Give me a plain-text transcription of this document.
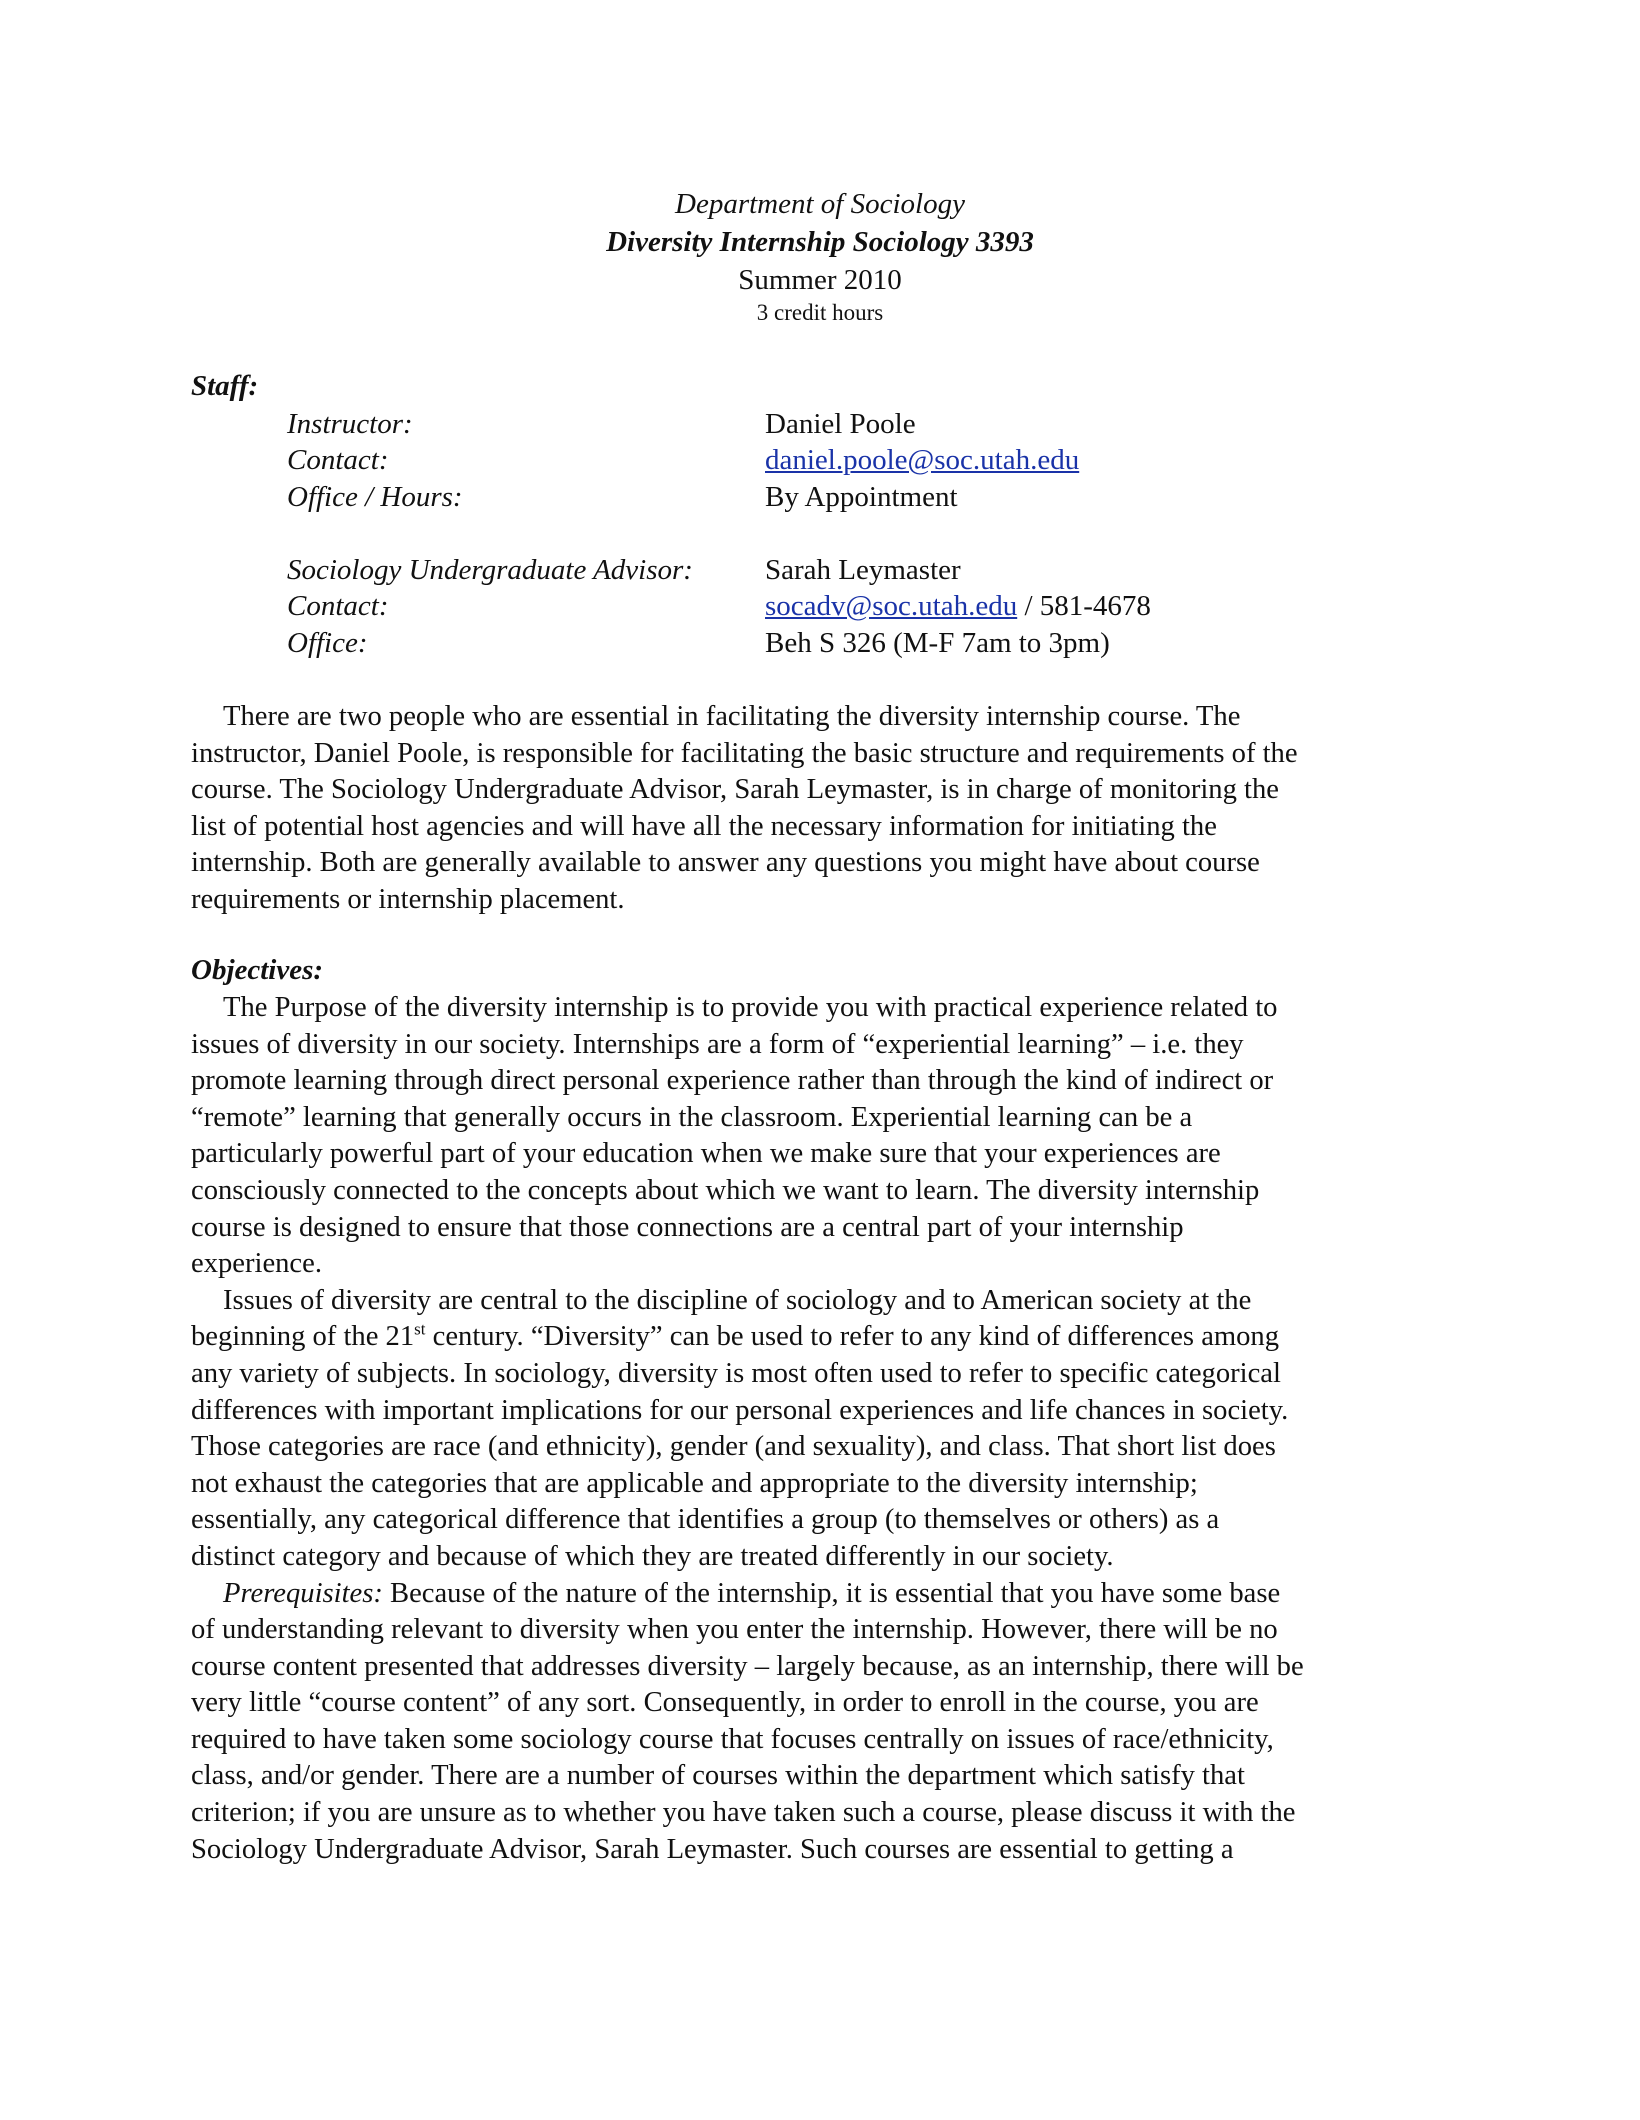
Department of Sociology
Diversity Internship Sociology 3393
Summer 2010
3 credit hours
Staff:
Instructor:	Daniel Poole
Contact:	daniel.poole@soc.utah.edu
Office / Hours:	By Appointment
Sociology Undergraduate Advisor: Sarah Leymaster
Contact:	socadv@soc.utah.edu / 581-4678
Office:	Beh S 326 (M-F 7am to 3pm)
There are two people who are essential in facilitating the diversity internship course. The
instructor, Daniel Poole, is responsible for facilitating the basic structure and requirements of the
course. The Sociology Undergraduate Advisor, Sarah Leymaster, is in charge of monitoring the
list of potential host agencies and will have all the necessary information for initiating the
internship. Both are generally available to answer any questions you might have about course
requirements or internship placement.
Objectives:
The Purpose of the diversity internship is to provide you with practical experience related to
issues of diversity in our society. Internships are a form of “experiential learning” – i.e. they
promote learning through direct personal experience rather than through the kind of indirect or
“remote” learning that generally occurs in the classroom. Experiential learning can be a
particularly powerful part of your education when we make sure that your experiences are
consciously connected to the concepts about which we want to learn. The diversity internship
course is designed to ensure that those connections are a central part of your internship
experience.
Issues of diversity are central to the discipline of sociology and to American society at the
beginning of the 21st century. “Diversity” can be used to refer to any kind of differences among
any variety of subjects. In sociology, diversity is most often used to refer to specific categorical
differences with important implications for our personal experiences and life chances in society.
Those categories are race (and ethnicity), gender (and sexuality), and class. That short list does
not exhaust the categories that are applicable and appropriate to the diversity internship;
essentially, any categorical difference that identifies a group (to themselves or others) as a
distinct category and because of which they are treated differently in our society.
Prerequisites: Because of the nature of the internship, it is essential that you have some base
of understanding relevant to diversity when you enter the internship. However, there will be no
course content presented that addresses diversity – largely because, as an internship, there will be
very little “course content” of any sort. Consequently, in order to enroll in the course, you are
required to have taken some sociology course that focuses centrally on issues of race/ethnicity,
class, and/or gender. There are a number of courses within the department which satisfy that
criterion; if you are unsure as to whether you have taken such a course, please discuss it with the
Sociology Undergraduate Advisor, Sarah Leymaster. Such courses are essential to getting a
